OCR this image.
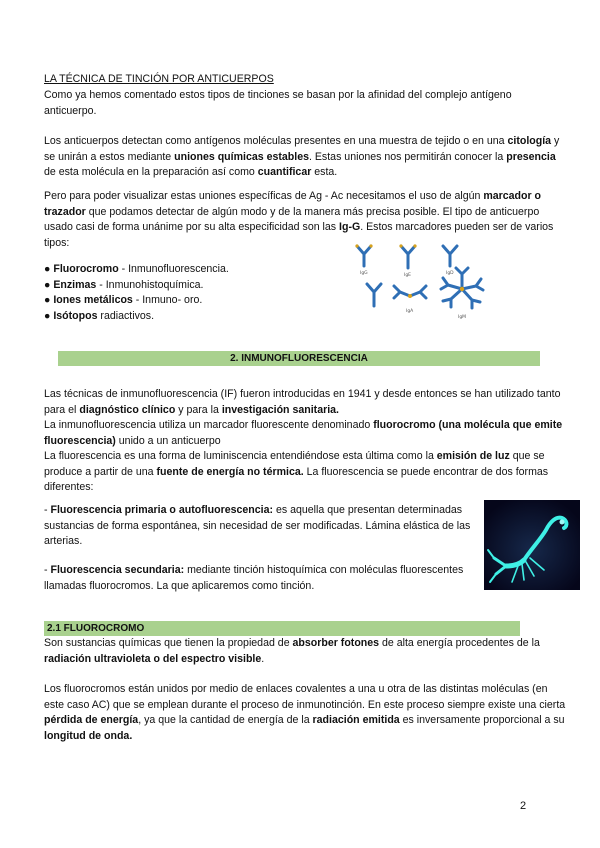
LA TÉCNICA DE TINCIÓN POR ANTICUERPOS

Como ya hemos comentado estos tipos de tinciones se basan por la afinidad del complejo antígeno anticuerpo.

Los anticuerpos detectan como antígenos moléculas presentes en una muestra de tejido o en una citología y se unirán a estos mediante uniones químicas estables. Estas uniones nos permitirán conocer la presencia de esta molécula en la preparación así como cuantificar esta.

Pero para poder visualizar estas uniones específicas de Ag - Ac necesitamos el uso de algún marcador o trazador que podamos detectar de algún modo y de la manera más precisa posible. El tipo de anticuerpo usado casi de forma unánime por su alta especificidad son las Ig-G. Estos marcadores pueden ser de varios tipos:

● Fluorocromo - Inmunofluorescencia.
● Enzimas - Inmunohistoquímica.
● Iones metálicos - Inmuno- oro.
● Isótopos radiactivos.
IgG	IgE	IgD
IgA
IgM
2. INMUNOFLUORESCENCIA

Las técnicas de inmunofluorescencia (IF) fueron introducidas en 1941 y desde entonces se han utilizado tanto para el diagnóstico clínico y para la investigación sanitaria.

La inmunofluorescencia utiliza un marcador fluorescente denominado fluorocromo (una molécula que emite fluorescencia) unido a un anticuerpo

La fluorescencia es una forma de luminiscencia entendiéndose esta última como la emisión de luz que se produce a partir de una fuente de energía no térmica. La fluorescencia se puede encontrar de dos formas diferentes:

- Fluorescencia primaria o autofluorescencia: es aquella que presentan determinadas sustancias de forma espontánea, sin necesidad de ser modificadas. Lámina elástica de las arterias.

- Fluorescencia secundaria: mediante tinción histoquímica con moléculas fluorescentes llamadas fluorocromos. La que aplicaremos como tinción.

2.1 FLUOROCROMO

Son sustancias químicas que tienen la propiedad de absorber fotones de alta energía procedentes de la radiación ultravioleta o del espectro visible.

Los fluorocromos están unidos por medio de enlaces covalentes a una u otra de las distintas moléculas (en este caso AC) que se emplean durante el proceso de inmunotinción. En este proceso siempre existe una cierta pérdida de energía, ya que la cantidad de energía de la radiación emitida es inversamente proporcional a su longitud de onda.

2
